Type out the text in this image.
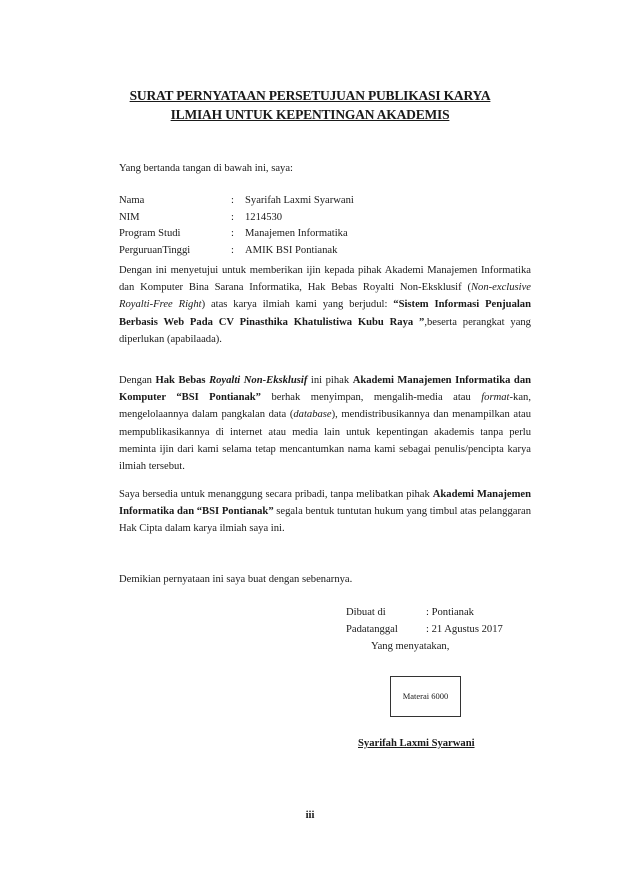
SURAT PERNYATAAN PERSETUJUAN PUBLIKASI KARYA
ILMIAH UNTUK KEPENTINGAN AKADEMIS
Yang bertanda tangan di bawah ini, saya:
Nama	:	Syarifah Laxmi Syarwani
NIM	:	1214530
Program Studi	:	Manajemen Informatika
PerguruanTinggi	:	AMIK BSI Pontianak
Dengan ini menyetujui untuk memberikan ijin kepada pihak Akademi Manajemen Informatika dan Komputer Bina Sarana Informatika, Hak Bebas Royalti Non-Eksklusif (Non-exclusive Royalti-Free Right) atas karya ilmiah kami yang berjudul: “Sistem Informasi Penjualan Berbasis Web Pada CV Pinasthika Khatulistiwa Kubu Raya ”,beserta perangkat yang diperlukan (apabilaada).
Dengan Hak Bebas Royalti Non-Eksklusif ini pihak Akademi Manajemen Informatika dan Komputer “BSI Pontianak” berhak menyimpan, mengalih-media atau format-kan, mengelolaannya dalam pangkalan data (database), mendistribusikannya dan menampilkan atau mempublikasikannya di internet atau media lain untuk kepentingan akademis tanpa perlu meminta ijin dari kami selama tetap mencantumkan nama kami sebagai penulis/pencipta karya ilmiah tersebut.
Saya bersedia untuk menanggung secara pribadi, tanpa melibatkan pihak Akademi Manajemen Informatika dan “BSI Pontianak” segala bentuk tuntutan hukum yang timbul atas pelanggaran Hak Cipta dalam karya ilmiah saya ini.
Demikian pernyataan ini saya buat dengan sebenarnya.
Dibuat di	: Pontianak
Padatanggal	: 21 Agustus 2017
Yang menyatakan,
Materai 6000
Syarifah Laxmi Syarwani
iii
